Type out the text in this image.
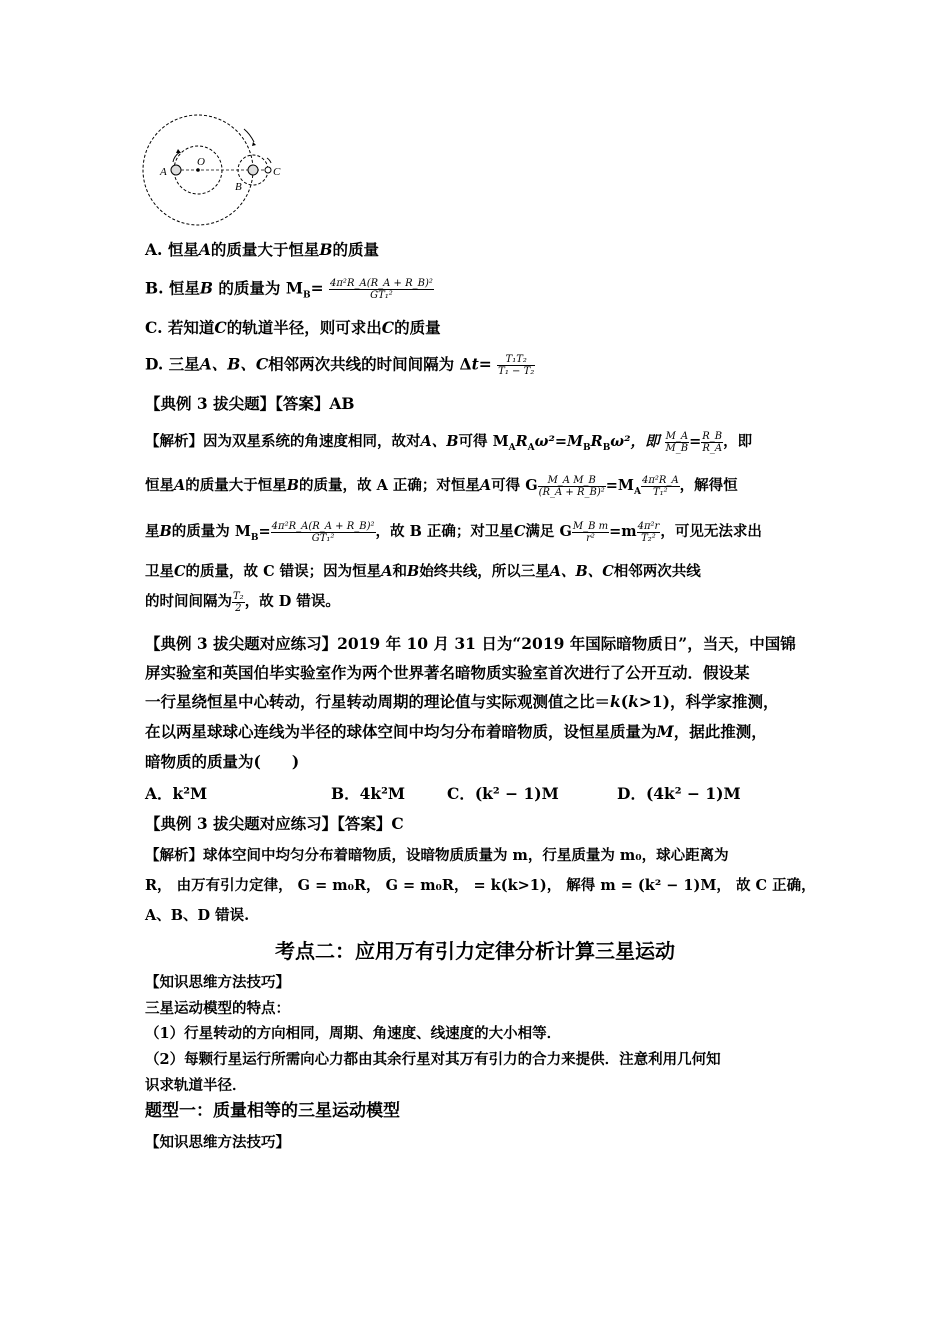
A
O
B
C
A. 恒星A的质量大于恒星B的质量
B. 恒星B 的质量为 $M_B= \frac{\text{4π²R\_A(R\_A + R\_B)²}}{\text{GT₁²}}$
C. 若知道C的轨道半径，则可求出C的质量
D. 三星A、B、C相邻两次共线的时间间隔为 $\Delta t= \frac{\text{T₁T₂}}{\text{T₁ − T₂}}$
【典例 3 拔尖题】【答案】AB
【解析】因为双星系统的角速度相同，故对A、B可得 $M_AR_A\omega^2=M_BR_B\omega^2$，即 $\frac{M\_A}{M\_B} = \frac{R\_B}{R\_A}$ ，即
恒星A的质量大于恒星B的质量，故 A 正确；对恒星A可得 G $\frac{\text{M\_A M\_B}}{\text{(R\_A + R\_B)²}} =M_A \frac{\text{4π²R\_A}}{\text{T₁²}}$ ，解得恒
星B的质量为 $M_B= \frac{\text{4π²R\_A(R\_A + R\_B)²}}{\text{GT₁²}}$ ，故 B 正确；对卫星C满足 G $\frac{\text{M\_B m}}{\text{r²}} =m \frac{\text{4π²r}}{\text{T₂²}}$ ，可见无法求出
卫星C的质量，故 C 错误；因为恒星A和B始终共线，所以三星A、B、C相邻两次共线
的时间间隔为 $\frac{\text{T₂}}{2}$ ，故 D 错误。
【典例 3 拔尖题对应练习】2019 年 10 月 31 日为“2019 年国际暗物质日”，当天，中国锦
屏实验室和英国伯毕实验室作为两个世界著名暗物质实验室首次进行了公开互动．假设某
一行星绕恒星中心转动，行星转动周期的理论值与实际观测值之比＝k(k>1)，科学家推测，
在以两星球球心连线为半径的球体空间中均匀分布着暗物质，设恒星质量为M，据此推测，
暗物质的质量为(　　)
A．k²M	B．4k²M	C．(k² − 1)M	D．(4k² − 1)M
【典例 3 拔尖题对应练习】【答案】C
【解析】球体空间中均匀分布着暗物质，设暗物质质量为 m，行星质量为 m₀，球心距离为
R， 由万有引力定律， G = m₀R， G = m₀R， = k(k>1)， 解得 m = (k² − 1)M， 故 C 正确，
A、B、D 错误.
考点二：应用万有引力定律分析计算三星运动
【知识思维方法技巧】
三星运动模型的特点：
（1）行星转动的方向相同，周期、角速度、线速度的大小相等．
（2）每颗行星运行所需向心力都由其余行星对其万有引力的合力来提供．注意利用几何知
识求轨道半径．
题型一：质量相等的三星运动模型
【知识思维方法技巧】
